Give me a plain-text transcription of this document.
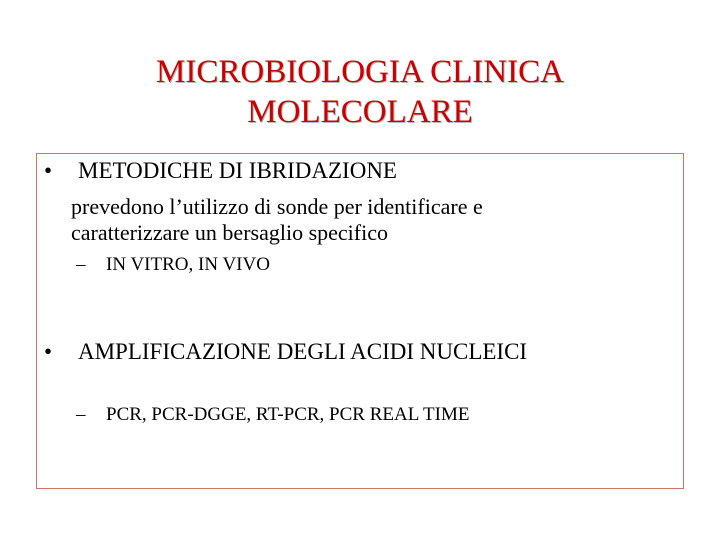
MICROBIOLOGIA CLINICA
MOLECOLARE
• METODICHE DI IBRIDAZIONE
prevedono l’utilizzo di sonde per identificare e
caratterizzare un bersaglio specifico
– IN VITRO, IN VIVO
• AMPLIFICAZIONE DEGLI ACIDI NUCLEICI
– PCR, PCR-DGGE, RT-PCR, PCR REAL TIME
